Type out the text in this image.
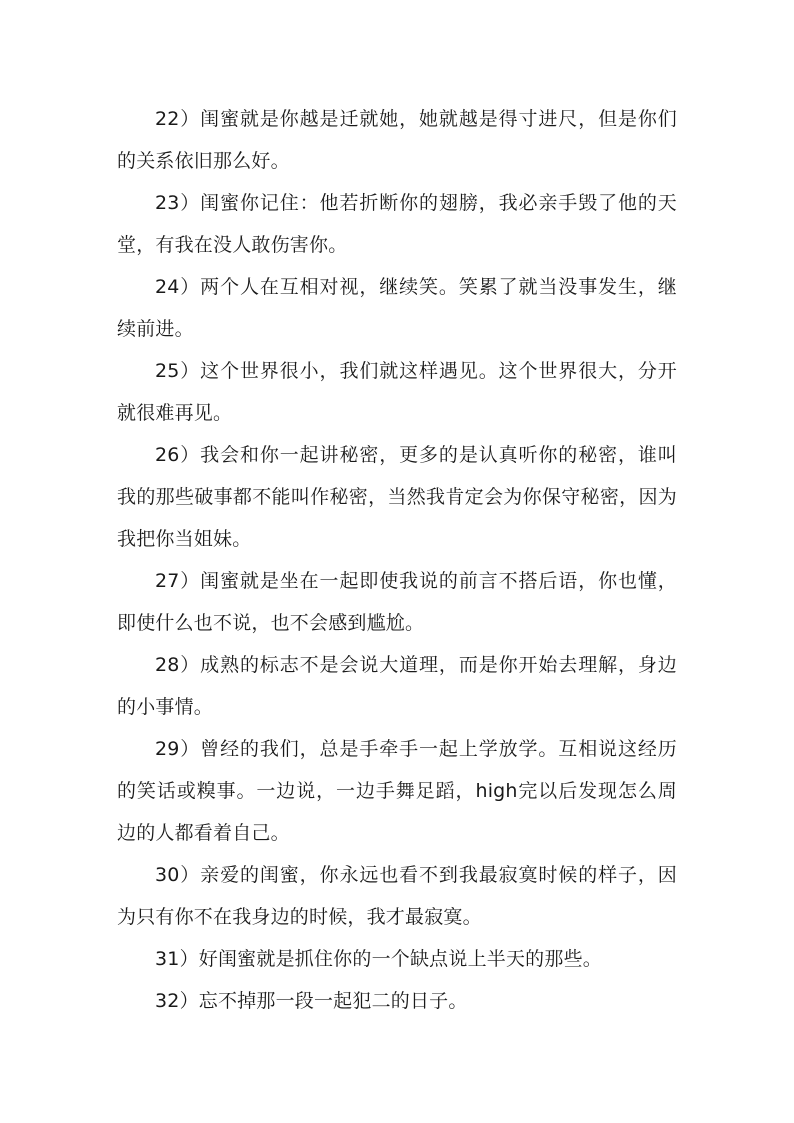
22）闺蜜就是你越是迁就她，她就越是得寸进尺，但是你们的关系依旧那么好。

23）闺蜜你记住：他若折断你的翅膀，我必亲手毁了他的天堂，有我在没人敢伤害你。

24）两个人在互相对视，继续笑。笑累了就当没事发生，继续前进。

25）这个世界很小，我们就这样遇见。这个世界很大，分开就很难再见。

26）我会和你一起讲秘密，更多的是认真听你的秘密，谁叫我的那些破事都不能叫作秘密，当然我肯定会为你保守秘密，因为我把你当姐妹。

27）闺蜜就是坐在一起即使我说的前言不搭后语，你也懂，即使什么也不说，也不会感到尴尬。

28）成熟的标志不是会说大道理，而是你开始去理解，身边的小事情。

29）曾经的我们，总是手牵手一起上学放学。互相说这经历的笑话或糗事。一边说，一边手舞足蹈，high完以后发现怎么周边的人都看着自己。

30）亲爱的闺蜜，你永远也看不到我最寂寞时候的样子，因为只有你不在我身边的时候，我才最寂寞。

31）好闺蜜就是抓住你的一个缺点说上半天的那些。

32）忘不掉那一段一起犯二的日子。
